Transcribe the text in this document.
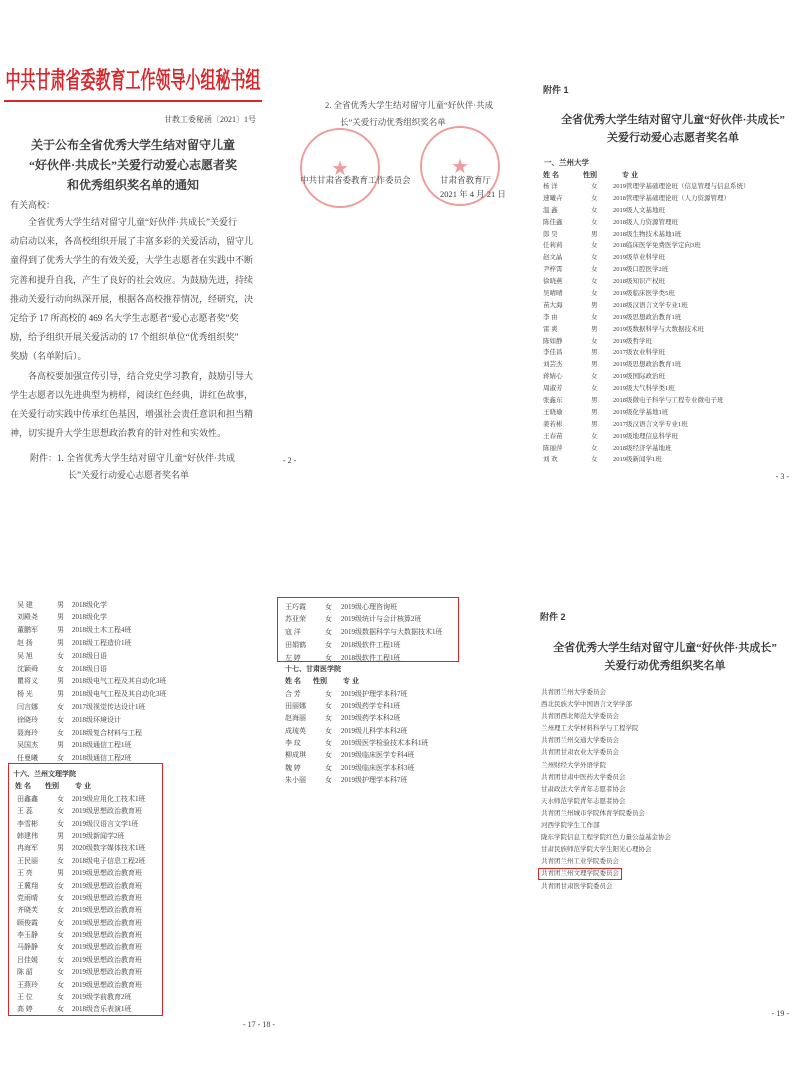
中共甘肃省委教育工作领导小组秘书组
甘教工委秘函〔2021〕1号
关于公布全省优秀大学生结对留守儿童
“好伙伴·共成长”关爱行动爱心志愿者奖
和优秀组织奖名单的通知
有关高校：
全省优秀大学生结对留守儿童“好伙伴·共成长”关爱行
动启动以来，各高校组织开展了丰富多彩的关爱活动，留守儿
童得到了优秀大学生的有效关爱，大学生志愿者在实践中不断
完善和提升自我，产生了良好的社会效应。为鼓励先进，持续
推动关爱行动向纵深开展，根据各高校推荐情况，经研究，决
定给予 17 所高校的 469 名大学生志愿者“爱心志愿者奖”奖
励，给予组织开展关爱活动的 17 个组织单位“优秀组织奖”
奖励（名单附后）。
各高校要加强宣传引导，结合党史学习教育，鼓励引导大
学生志愿者以先进典型为榜样，阅读红色经典，讲红色故事，
在关爱行动实践中传承红色基因，增强社会责任意识和担当精
神，切实提升大学生思想政治教育的针对性和实效性。
附件：1. 全省优秀大学生结对留守儿童“好伙伴·共成
长”关爱行动爱心志愿者奖名单
2. 全省优秀大学生结对留守儿童“好伙伴·共成
长”关爱行动优秀组织奖名单
★
★
中共甘肃省委教育工作委员会	甘肃省教育厅
2021 年 4 月 21 日
- 2 -
附件 1
全省优秀大学生结对留守儿童“好伙伴·共成长”
关爱行动爱心志愿者奖名单
一、兰州大学
姓 名	性别	专 业
杨 洋	女 2019管理学基础理论班（信息管理与信息系统）
速曦卉	女 2018管理学基础理论班（人力资源管理）
温 鑫	女 2019级人文基地班
陈佳鑫	女 2018级人力资源管理班
郎 昊	男 2018级生物技术基地1班
任莉莉	女 2018临床医学免费医学定向3班
赵文晶	女 2019级草业科学班
尹梓霄	女 2019级口腔医学2班
徐晓燕	女 2018级知识产权班
吴晴晴	女 2019级临床医学类5班
苗大海	男 2018级汉语言文学专业1班
李 由	女 2019级思想政治教育1班
雷 爽	男 2019级数据科学与大数据技术班
陈如静	女 2019级哲学班
李佳昌	男 2017级农业科学班
刘芸杰	男 2019级思想政治教育1班
蒋婧心	女 2019级国际政治班
周淑芳	女 2019级大气科学类1班
张鑫东	男 2018级微电子科学与工程专业微电子班
王晓瑜	男 2019级化学基地1班
姜若彬	男 2017级汉语言文学专业1班
王春苗	女 2019级地理信息科学班
陈丽萍	女 2018级经济学基地班
刘 欢	女 2019级新闻学1班
- 3 -
吴 建	男 2018级化学
刘殿尧	男 2018级化学
董鹏军	男 2018级土木工程4班
赵 扬	男 2018级工程造价1班
吴 旭	女 2018级日语
沈颖舜	女 2018级日语
瞿将义	男 2018级电气工程及其自动化3班
杨 光	男 2018级电气工程及其自动化3班
闫言娜	女 2017级视觉传达设计1班
徐晓玲	女 2018级环境设计
聂海玲	女 2018级复合材料与工程
吴国杰	男 2018级通信工程1班
任曼曦	女 2018级通信工程2班
十六、兰州文理学院
姓 名 性别 专 业
田鑫鑫	女 2019级应用化工技术1班
王 蕊	女 2019级思想政治教育班
李雪彬	女 2019级汉语言文学1班
韩建伟	男 2019级新闻学2班
冉海军	男 2020级数字媒体技术1班
王民丽	女 2018级电子信息工程2班
王 亮	男 2019级思想政治教育班
王冀翔	女 2019级思想政治教育班
党雨晴	女 2019级思想政治教育班
齐晓芙	女 2019级思想政治教育班
顾俊霞	女 2019级思想政治教育班
李玉静	女 2019级思想政治教育班
马静静	女 2019级思想政治教育班
吕佳媛	女 2019级思想政治教育班
陈 韶	女 2019级思想政治教育班
王燕玲	女 2019级思想政治教育班
王 位	女 2019级学前教育2班
高 婷	女 2018级音乐表演1班
王巧霞	女 2019级心理咨询班
苏亚荣	女 2019级统计与会计核算2班
寇 洋	女 2019级数据科学与大数据技术1班
田娟鹤	女 2018级软件工程1班
左 婷	女 2018级软件工程1班
十七、甘肃医学院
姓 名 性别 专 业
合 芳	女 2019级护理学本科7班
田丽娜	女 2019级药学专科1班
赵海丽	女 2019级药学本科2班
成琉英	女 2019级儿科学本科2班
李 玟	女 2019级医学检验技术本科1班
柳成琪	女 2019级临床医学专科4班
魏 婷	女 2019级临床医学本科3班
朱小丽	女 2019级护理学本科7班
- 17 - 18 -
附件 2
全省优秀大学生结对留守儿童“好伙伴·共成长”
关爱行动优秀组织奖名单
共青团兰州大学委员会
西北民族大学中国语言文学学部
共青团西北师范大学委员会
兰州理工大学材料科学与工程学院
共青团兰州交通大学委员会
共青团甘肃农业大学委员会
兰州财经大学外语学院
共青团甘肃中医药大学委员会
甘肃政法大学青年志愿者协会
天水师范学院青年志愿者协会
共青团兰州城市学院体育学院委员会
河西学院学生工作部
陇东学院信息工程学院红色力量公益基金协会
甘肃民族师范学院大学生阳光心理协会
共青团兰州工业学院委员会
共青团兰州文理学院委员会
共青团甘肃医学院委员会
- 19 -
